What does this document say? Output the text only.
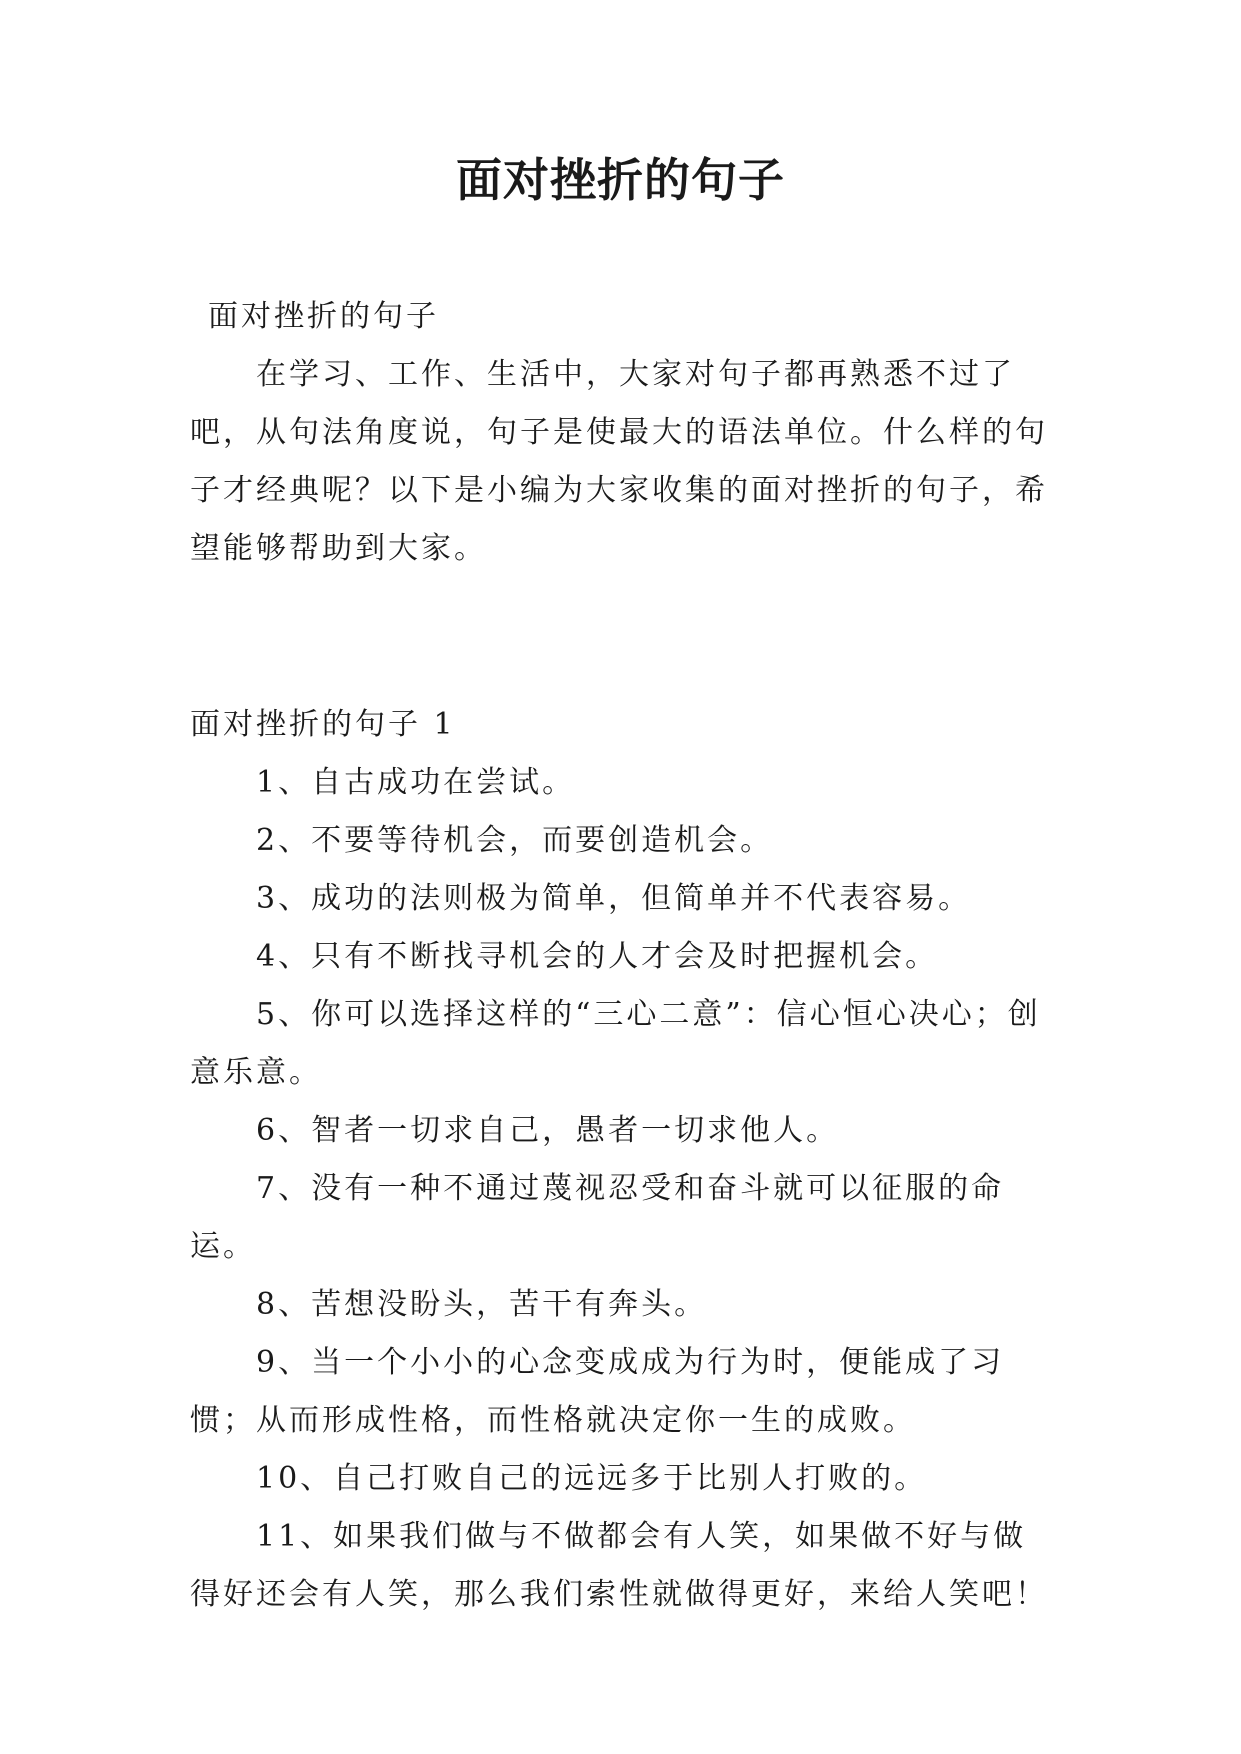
面对挫折的句子
面对挫折的句子

在学习、工作、生活中，大家对句子都再熟悉不过了吧，从句法角度说，句子是使最大的语法单位。什么样的句子才经典呢？以下是小编为大家收集的面对挫折的句子，希望能够帮助到大家。

面对挫折的句子 1

1、自古成功在尝试。
2、不要等待机会，而要创造机会。
3、成功的法则极为简单，但简单并不代表容易。
4、只有不断找寻机会的人才会及时把握机会。
5、你可以选择这样的“三心二意”：信心恒心决心；创意乐意。
6、智者一切求自己，愚者一切求他人。
7、没有一种不通过蔑视忍受和奋斗就可以征服的命运。
8、苦想没盼头，苦干有奔头。
9、当一个小小的心念变成成为行为时，便能成了习惯；从而形成性格，而性格就决定你一生的成败。
10、自己打败自己的远远多于比别人打败的。
11、如果我们做与不做都会有人笑，如果做不好与做得好还会有人笑，那么我们索性就做得更好，来给人笑吧！
